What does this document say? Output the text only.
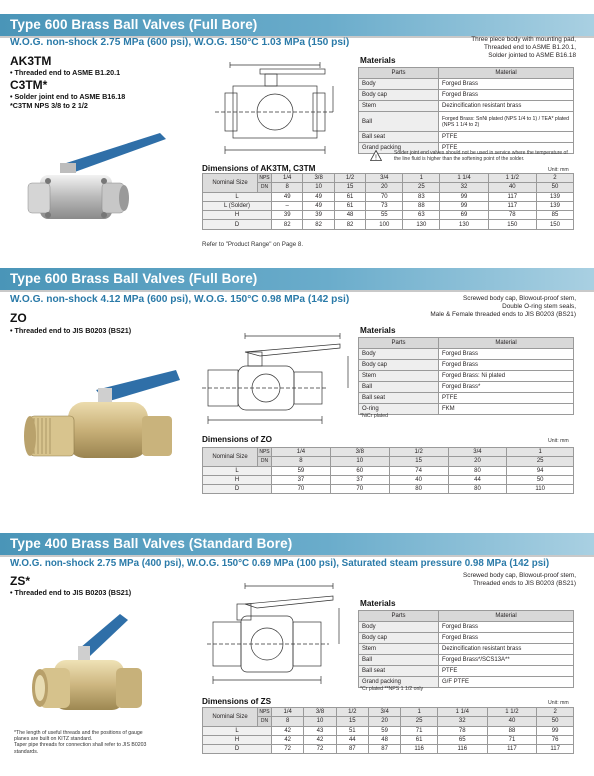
Type 600 Brass Ball Valves (Full Bore)
W.O.G. non-shock 2.75 MPa (600 psi), W.O.G. 150°C 1.03 MPa (150 psi)	Three piece body with mounting pad,
Threaded end to ASME B1.20.1,
Solder jointed to ASME B16.18
AK3TM
• Threaded end to ASME B1.20.1
C3TM*
• Solder joint end to ASME B16.18
*C3TM NPS 3/8 to 2 1/2
Materials
Parts	Material
Body	Forged Brass
Body cap	Forged Brass
Stem	Dezincification resistant brass
Ball	Forged Brass: SnNi plated (NPS 1/4 to 1) / TEA* plated (NPS 1 1/4 to 2)
Ball seat	PTFE
Grand packing	PTFE
!
Solder joint end valves should not be used in service where the temperature of the line fluid is higher than the softening point of the solder.
Dimensions of AK3TM, C3TM	Unit: mm
Nominal Size	NPS	1/4	3/8	1/2	3/4	1	1 1/4	1 1/2	2
	DN	8	10	15	20	25	32	40	50
L		49	49	61	70	83	99	117	139
L (Solder)		–	49	61	73	88	99	117	139
H		39	39	48	55	63	69	78	85
D		82	82	82	100	130	130	150	150
Refer to "Product Range" on Page 8.
Type 600 Brass Ball Valves (Full Bore)
W.O.G. non-shock 4.12 MPa (600 psi), W.O.G. 150°C 0.98 MPa (142 psi)	Screwed body cap, Blowout-proof stem,
Double O-ring stem seals,
Male & Female threaded ends to JIS B0203 (BS21)
ZO
• Threaded end to JIS B0203 (BS21)	Materials
Parts	Material
Body	Forged Brass
Body cap	Forged Brass
Stem	Forged Brass: Ni plated
Ball	Forged Brass*
Ball seat	PTFE
O-ring	FKM
*NiCr plated
Dimensions of ZO	Unit: mm
Nominal Size	NPS	1/4	3/8	1/2	3/4	1
	DN	8	10	15	20	25
L		59	60	74	80	94
H		37	37	40	44	50
D		70	70	80	80	110
Type 400 Brass Ball Valves (Standard Bore)
W.O.G. non-shock 2.75 MPa (400 psi), W.O.G. 150°C 0.69 MPa (100 psi), Saturated steam pressure 0.98 MPa (142 psi)
Screwed body cap, Blowout-proof stem,
Threaded ends to JIS B0203 (BS21)
ZS*
• Threaded end to JIS B0203 (BS21)
*The length of useful threads and the positions of gauge
planes are built on KITZ standard.
Taper pipe threads for connection shall refer to JIS B0203
standards.
Materials
Parts	Material
Body	Forged Brass
Body cap	Forged Brass
Stem	Dezincification resistant brass
Ball	Forged Brass*/SCS13A**
Ball seat	PTFE
Grand packing	G/F PTFE
*Cr plated **NPS 1 1/2 only
Dimensions of ZS	Unit: mm
Nominal Size	NPS	1/4	3/8	1/2	3/4	1	1 1/4	1 1/2	2
	DN	8	10	15	20	25	32	40	50
L		42	43	51	59	71	78	88	99
H		42	42	44	48	61	65	71	76
D		72	72	87	87	116	116	117	117
